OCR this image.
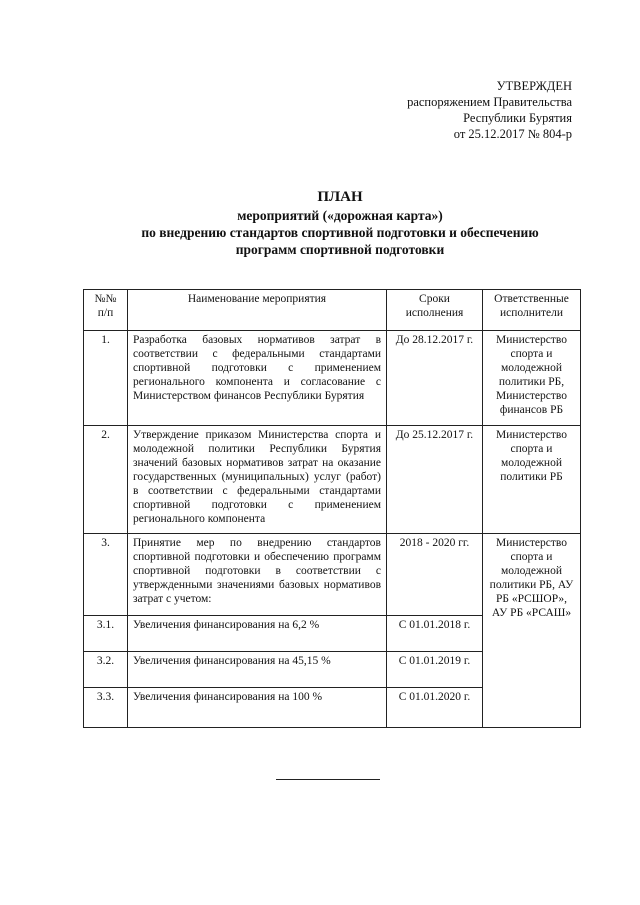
УТВЕРЖДЕН
распоряжением Правительства
Республики Бурятия
от 25.12.2017 № 804-р
ПЛАН
мероприятий («дорожная карта»)
по внедрению стандартов спортивной подготовки и обеспечению
программ спортивной подготовки
№№ п/п	Наименование мероприятия	Сроки исполнения	Ответственные исполнители
1.	Разработка базовых нормативов затрат в соответствии с федеральными стандартами спортивной подготовки с применением регионального компонента и согласование с Министерством финансов Республики Бурятия	До 28.12.2017 г.	Министерство спорта и молодежной политики РБ, Министерство финансов РБ
2.	Утверждение приказом Министерства спорта и молодежной политики Республики Бурятия значений базовых нормативов затрат на оказание государственных (муниципальных) услуг (работ) в соответствии с федеральными стандартами спортивной подготовки с применением регионального компонента	До 25.12.2017 г.	Министерство спорта и молодежной политики РБ
3.	Принятие мер по внедрению стандартов спортивной подготовки и обеспечению программ спортивной подготовки в соответствии с утвержденными значениями базовых нормативов затрат с учетом:	2018 - 2020 гг.	Министерство спорта и молодежной политики РБ, АУ РБ «РСШОР», АУ РБ «РСАШ»
3.1.	Увеличения финансирования на 6,2 %	С 01.01.2018 г.	
3.2.	Увеличения финансирования на 45,15 %	С 01.01.2019 г.	
3.3.	Увеличения финансирования на 100 %	С 01.01.2020 г.	
